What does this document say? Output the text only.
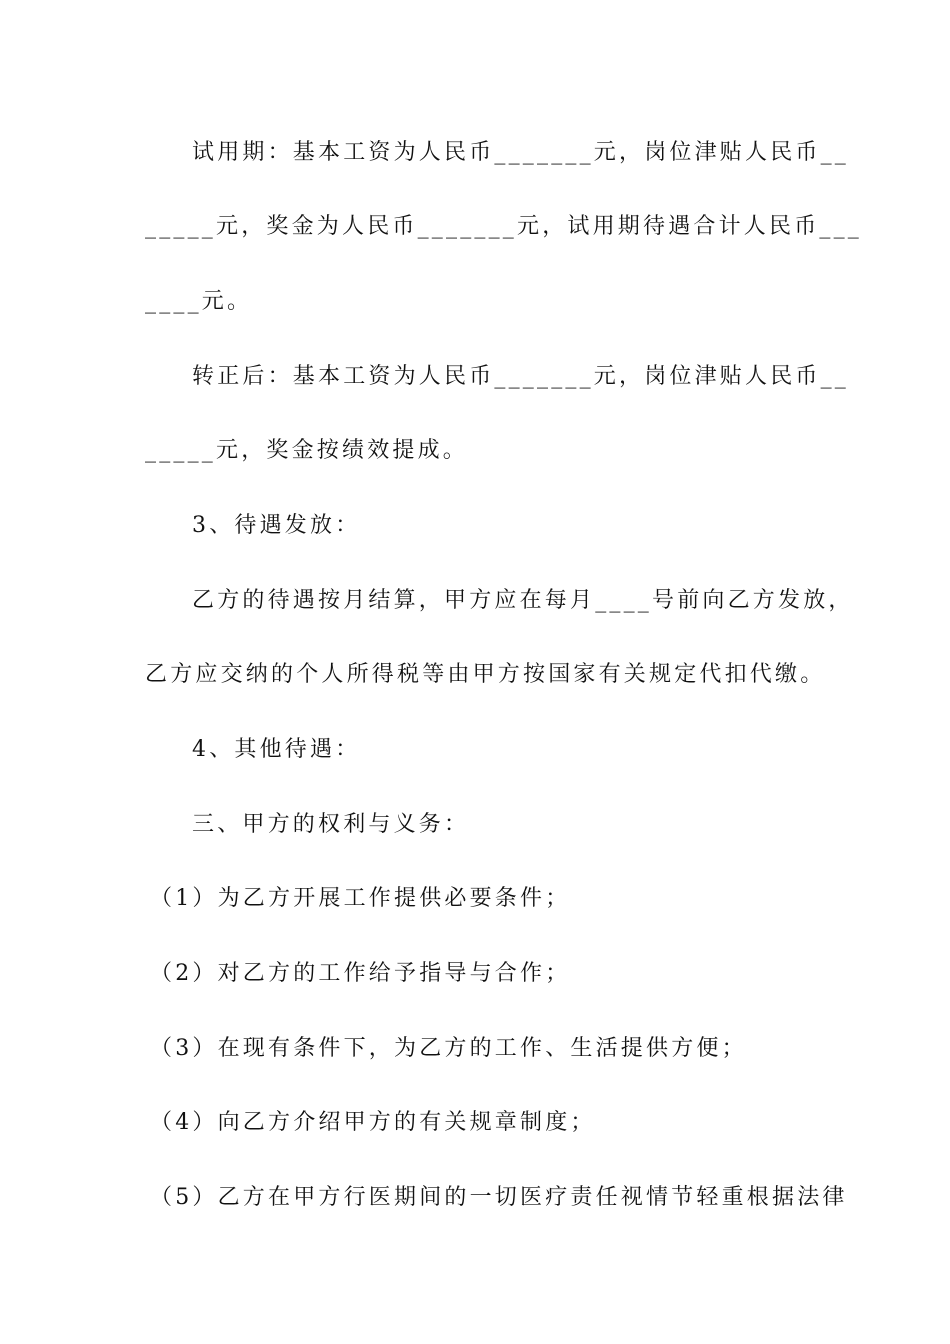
试用期：基本工资为人民币_______元，岗位津贴人民币__
_____元，奖金为人民币_______元，试用期待遇合计人民币___
____元。
转正后：基本工资为人民币_______元，岗位津贴人民币__
_____元，奖金按绩效提成。
3、待遇发放：
乙方的待遇按月结算，甲方应在每月____号前向乙方发放，
乙方应交纳的个人所得税等由甲方按国家有关规定代扣代缴。
4、其他待遇：
三、甲方的权利与义务：
（1）为乙方开展工作提供必要条件；
（2）对乙方的工作给予指导与合作；
（3）在现有条件下，为乙方的工作、生活提供方便；
（4）向乙方介绍甲方的有关规章制度；
（5）乙方在甲方行医期间的一切医疗责任视情节轻重根据法律
